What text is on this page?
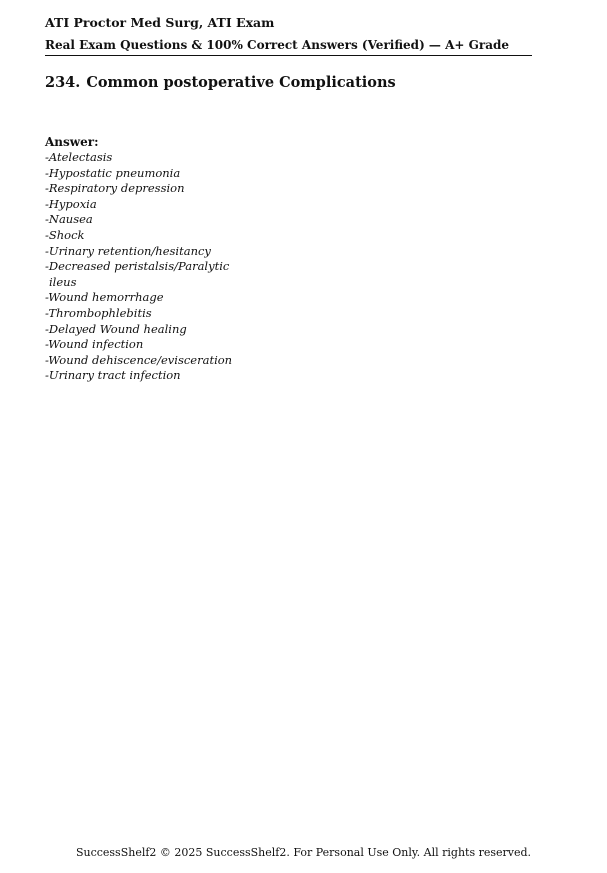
ATI Proctor Med Surg, ATI Exam
Real Exam Questions & 100% Correct Answers (Verified) — A+ Grade
234. Common postoperative Complications
Answer:
-Atelectasis
-Hypostatic pneumonia
-Respiratory depression
-Hypoxia
-Nausea
-Shock
-Urinary retention/hesitancy
-Decreased peristalsis/Paralytic
ileus
-Wound hemorrhage
-Thrombophlebitis
-Delayed Wound healing
-Wound infection
-Wound dehiscence/evisceration
-Urinary tract infection
SuccessShelf2 © 2025 SuccessShelf2. For Personal Use Only. All rights reserved.
